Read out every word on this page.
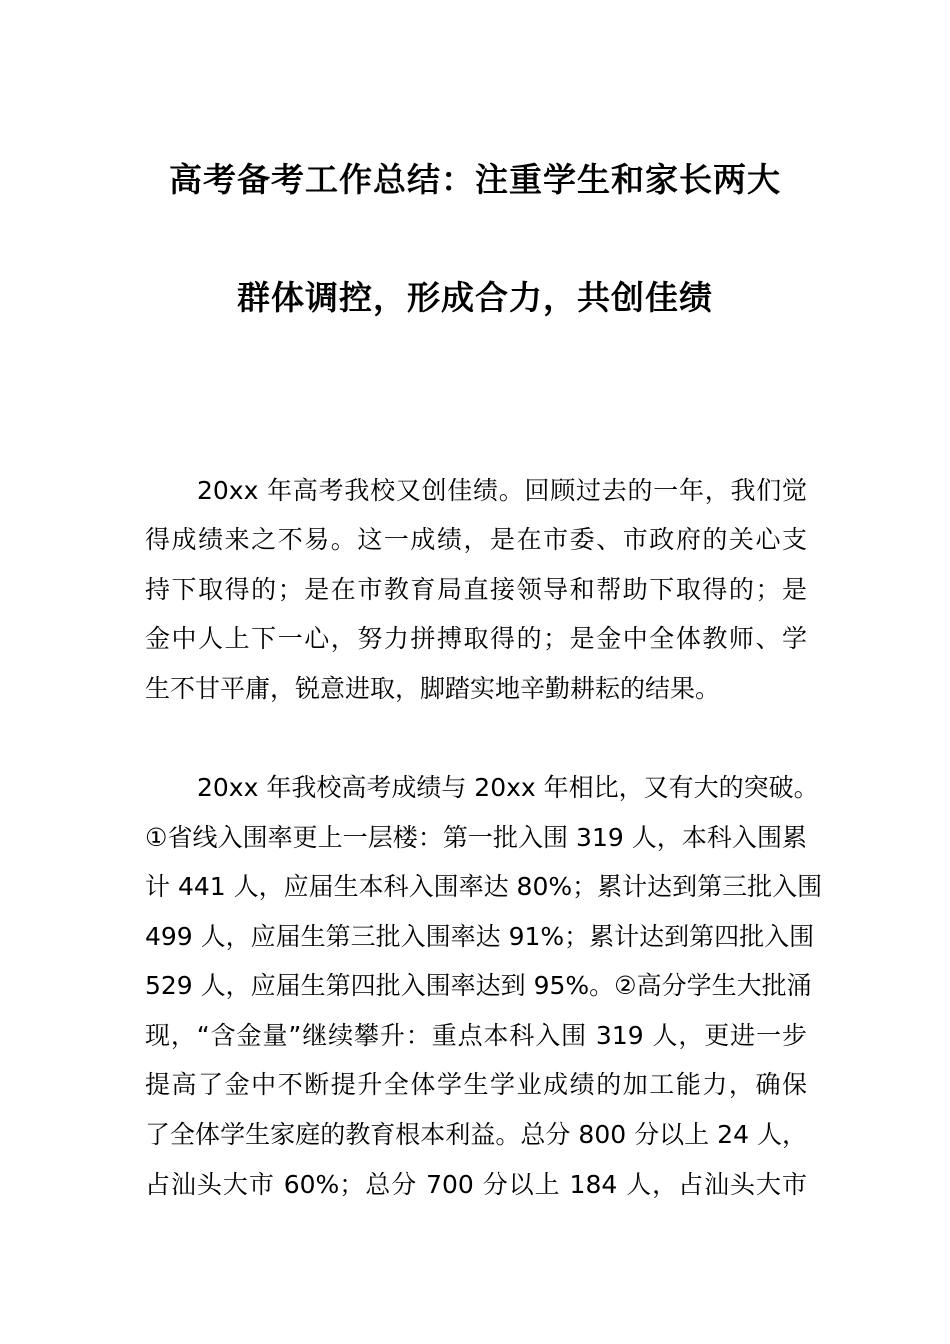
高考备考工作总结：注重学生和家长两大
群体调控，形成合力，共创佳绩
20xx 年高考我校又创佳绩。回顾过去的一年，我们觉
得成绩来之不易。这一成绩，是在市委、市政府的关心支
持下取得的；是在市教育局直接领导和帮助下取得的；是
金中人上下一心，努力拼搏取得的；是金中全体教师、学
生不甘平庸，锐意进取，脚踏实地辛勤耕耘的结果。
20xx 年我校高考成绩与 20xx 年相比，又有大的突破。
①省线入围率更上一层楼：第一批入围 319 人，本科入围累
计 441 人，应届生本科入围率达 80%；累计达到第三批入围
499 人，应届生第三批入围率达 91%；累计达到第四批入围
529 人，应届生第四批入围率达到 95%。②高分学生大批涌
现，“含金量”继续攀升：重点本科入围 319 人，更进一步
提高了金中不断提升全体学生学业成绩的加工能力，确保
了全体学生家庭的教育根本利益。总分 800 分以上 24 人，
占汕头大市 60%；总分 700 分以上 184 人，占汕头大市
